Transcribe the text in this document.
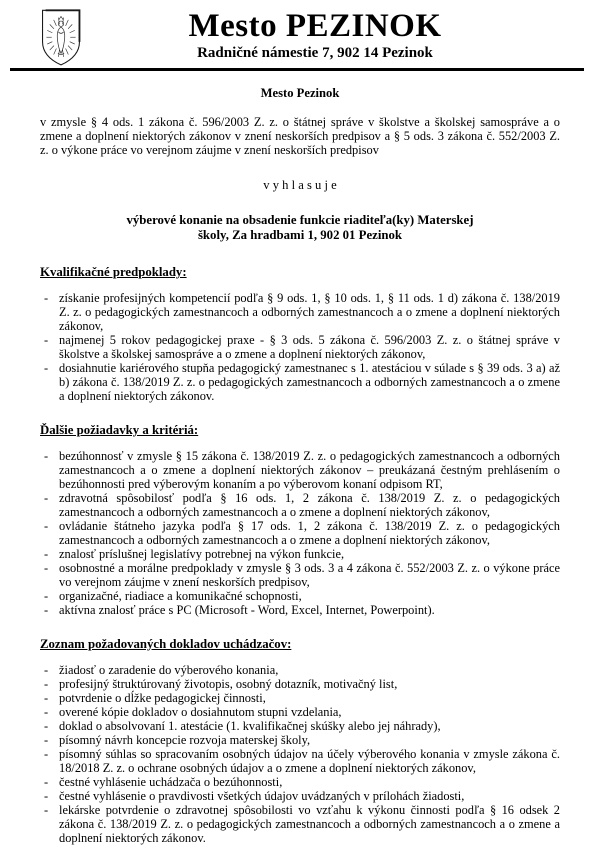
Mesto PEZINOK
Radničné námestie 7, 902 14 Pezinok
Mesto Pezinok

v zmysle § 4 ods. 1 zákona č. 596/2003 Z. z. o štátnej správe v školstve a školskej samospráve a o zmene a doplnení niektorých zákonov v znení neskorších predpisov a § 5 ods. 3 zákona č. 552/2003 Z. z. o výkone práce vo verejnom záujme v znení neskorších predpisov

v y h l a s u j e
výberové konanie na obsadenie funkcie riaditeľa(ky) Materskej
školy, Za hradbami 1, 902 01 Pezinok
Kvalifikačné predpoklady:
- získanie profesijných kompetencií podľa § 9 ods. 1, § 10 ods. 1, § 11 ods. 1 d) zákona č. 138/2019 Z. z. o pedagogických zamestnancoch a odborných zamestnancoch a o zmene a doplnení niektorých zákonov,
- najmenej 5 rokov pedagogickej praxe - § 3 ods. 5 zákona č. 596/2003 Z. z. o štátnej správe v školstve a školskej samospráve a o zmene a doplnení niektorých zákonov,
- dosiahnutie kariérového stupňa pedagogický zamestnanec s 1. atestáciou v súlade s § 39 ods. 3 a) až b) zákona č. 138/2019 Z. z. o pedagogických zamestnancoch a odborných zamestnancoch a o zmene a doplnení niektorých zákonov.
Ďalšie požiadavky a kritériá:
- bezúhonnosť v zmysle § 15 zákona č. 138/2019 Z. z. o pedagogických zamestnancoch a odborných zamestnancoch a o zmene a doplnení niektorých zákonov – preukázaná čestným prehlásením o bezúhonnosti pred výberovým konaním a po výberovom konaní odpisom RT,
- zdravotná spôsobilosť podľa § 16 ods. 1, 2 zákona č. 138/2019 Z. z. o pedagogických zamestnancoch a odborných zamestnancoch a o zmene a doplnení niektorých zákonov,
- ovládanie štátneho jazyka podľa § 17 ods. 1, 2 zákona č. 138/2019 Z. z. o pedagogických zamestnancoch a odborných zamestnancoch a o zmene a doplnení niektorých zákonov,
- znalosť príslušnej legislatívy potrebnej na výkon funkcie,
- osobnostné a morálne predpoklady v zmysle § 3 ods. 3 a 4 zákona č. 552/2003 Z. z. o výkone práce vo verejnom záujme v znení neskorších predpisov,
- organizačné, riadiace a komunikačné schopnosti,
- aktívna znalosť práce s PC (Microsoft - Word, Excel, Internet, Powerpoint).
Zoznam požadovaných dokladov uchádzačov:
- žiadosť o zaradenie do výberového konania,
- profesijný štruktúrovaný životopis, osobný dotazník, motivačný list,
- potvrdenie o dĺžke pedagogickej činnosti,
- overené kópie dokladov o dosiahnutom stupni vzdelania,
- doklad o absolvovaní 1. atestácie (1. kvalifikačnej skúšky alebo jej náhrady),
- písomný návrh koncepcie rozvoja materskej školy,
- písomný súhlas so spracovaním osobných údajov na účely výberového konania v zmysle zákona č. 18/2018 Z. z. o ochrane osobných údajov a o zmene a doplnení niektorých zákonov,
- čestné vyhlásenie uchádzača o bezúhonnosti,
- čestné vyhlásenie o pravdivosti všetkých údajov uvádzaných v prílohách žiadosti,
- lekárske potvrdenie o zdravotnej spôsobilosti vo vzťahu k výkonu činnosti podľa § 16 odsek 2 zákona č. 138/2019 Z. z. o pedagogických zamestnancoch a odborných zamestnancoch a o zmene a doplnení niektorých zákonov.
